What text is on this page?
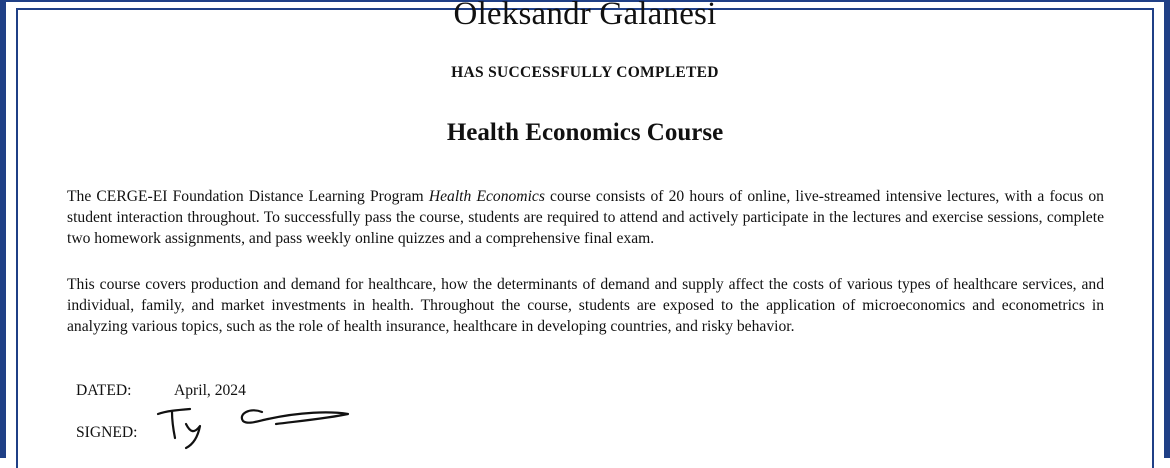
Oleksandr Galanesi
HAS SUCCESSFULLY COMPLETED
Health Economics Course

The CERGE-EI Foundation Distance Learning Program Health Economics course consists of 20 hours of online, live-streamed intensive lectures, with a focus on student interaction throughout. To successfully pass the course, students are required to attend and actively participate in the lectures and exercise sessions, complete two homework assignments, and pass weekly online quizzes and a comprehensive final exam.

This course covers production and demand for healthcare, how the determinants of demand and supply affect the costs of various types of healthcare services, and individual, family, and market investments in health. Throughout the course, students are exposed to the application of microeconomics and econometrics in analyzing various topics, such as the role of health insurance, healthcare in developing countries, and risky behavior.

DATED:	April, 2024
SIGNED:
